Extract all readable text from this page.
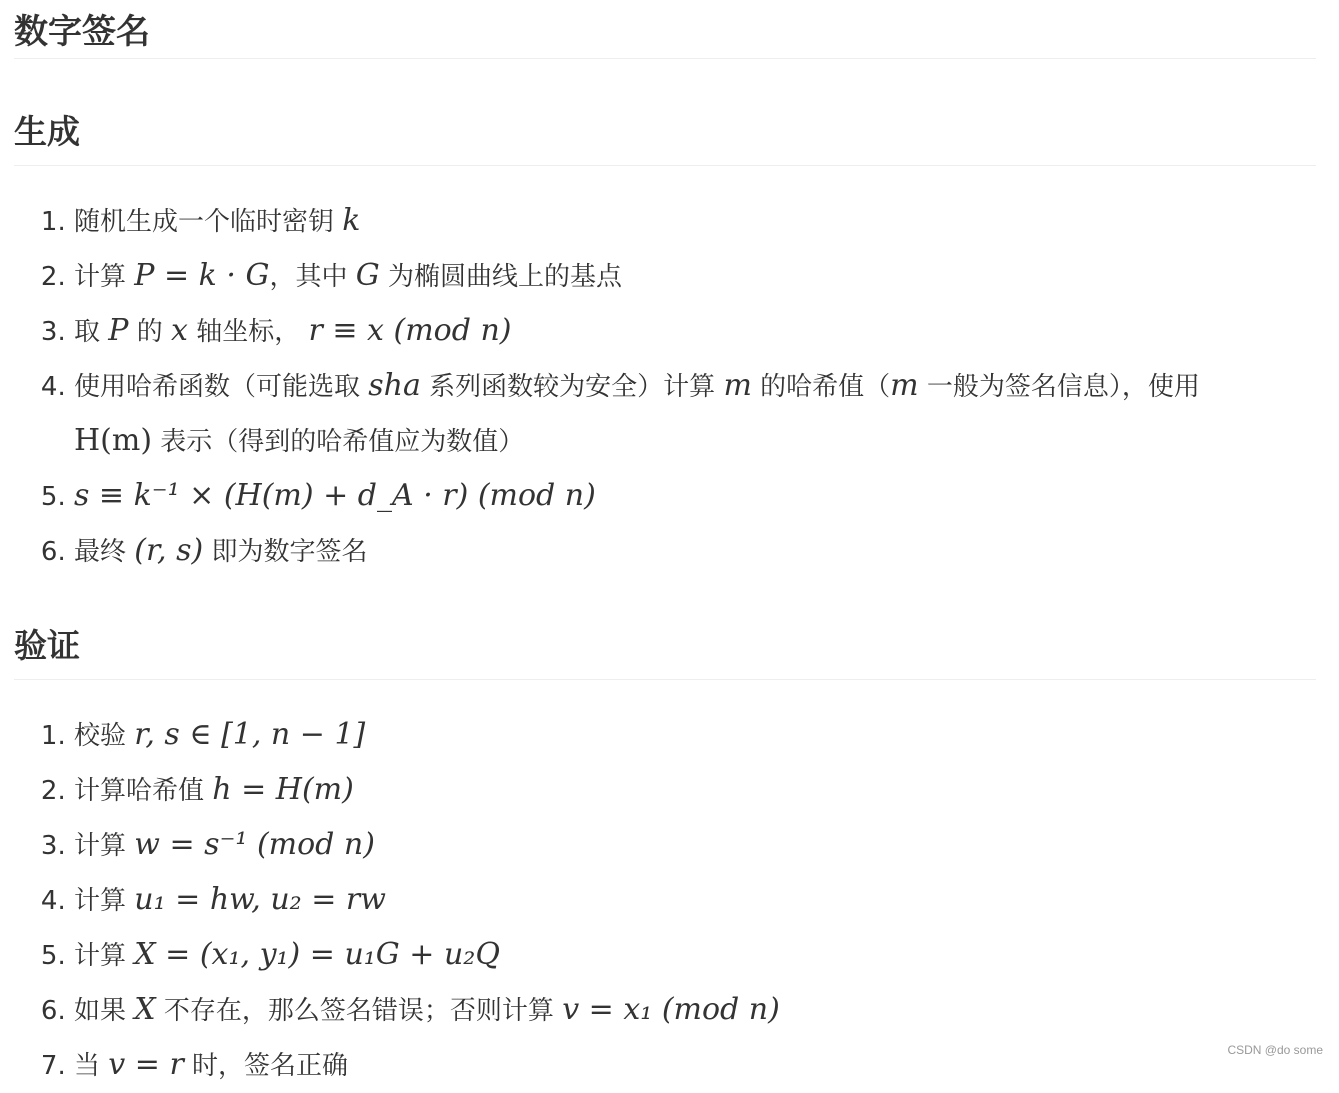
数字签名
生成
1. 随机生成一个临时密钥 k
2. 计算 P = k · G，其中 G 为椭圆曲线上的基点
3. 取 P 的 x 轴坐标， r ≡ x (mod n)
4. 使用哈希函数（可能选取 sha 系列函数较为安全）计算 m 的哈希值（m 一般为签名信息），使用
H(m) 表示（得到的哈希值应为数值）
5. s ≡ k⁻¹ × (H(m) + d_A · r) (mod n)
6. 最终 (r, s) 即为数字签名
验证
1. 校验 r, s ∈ [1, n − 1]
2. 计算哈希值 h = H(m)
3. 计算 w = s⁻¹ (mod n)
4. 计算 u₁ = hw, u₂ = rw
5. 计算 X = (x₁, y₁) = u₁G + u₂Q
6. 如果 X 不存在，那么签名错误；否则计算 v = x₁ (mod n)
7. 当 v = r 时，签名正确
CSDN @do some
